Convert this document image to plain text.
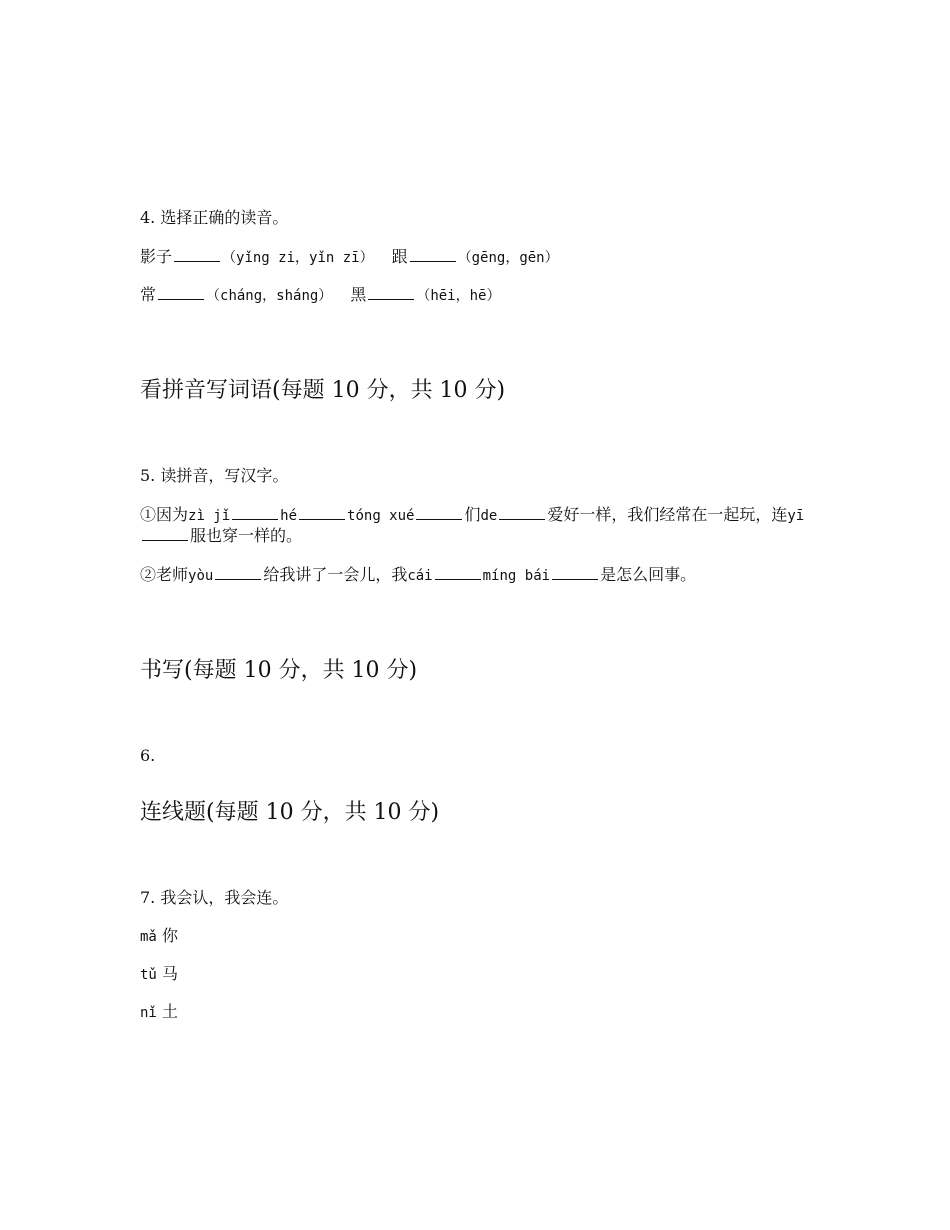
4. 选择正确的读音。
影子	（yǐng zi，yǐn zī） 跟	（gēng，gēn）
常	（cháng，sháng） 黑	（hēi，hē）
看拼音写词语(每题 10 分，共 10 分)
5. 读拼音，写汉字。
①因为zì jǐ	hé	tóng xué	们de	爱好一样，我们经常在一起玩，连yī服也穿一样的。
②老师yòu	给我讲了一会儿，我cái	míng bái	是怎么回事。
书写(每题 10 分，共 10 分)
6.
连线题(每题 10 分，共 10 分)
7. 我会认，我会连。
mǎ 你
tǔ 马
nǐ 土
